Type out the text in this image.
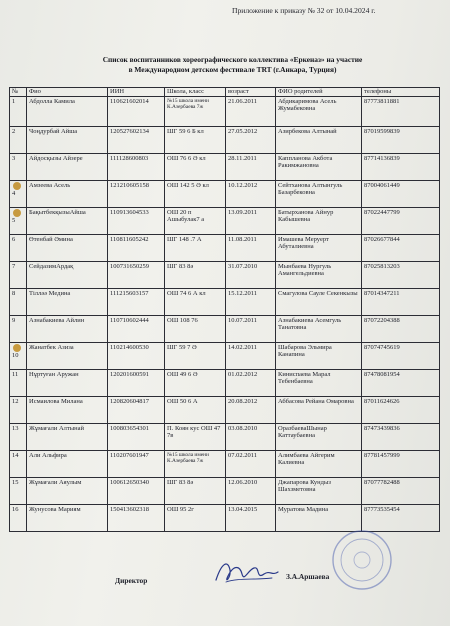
Приложение к приказу № 32 от 10.04.2024 г.
Список воспитанников хореографического коллектива «Еркеназ» на участие
в Международном детском фестивале TRT (г.Анкара, Турция)
№	Фио	ИИН	Школа, класс	возраст	ФИО родителей	телефоны
1	Абдолла Камила	110621602014	№15 школа имени К.Азербаева 7ж	21.06.2011	Абдикаримова Асель Жумабековна	87773811881
2	Чоңдурбай Айша	120527602134	ШГ 59 6 Б кл	27.05.2012	Азирбекова Алтынай	87019599839
3	Айдосқызы Айзере	111128600803	ОШ 76 6 Ә кл	28.11.2011	Каппланова Акбота Ракимжановна	87714136839
4	Амзеева Асель	121210605158	ОШ 142 5 Ә кл	10.12.2012	Сейтханова Алтынгуль Базарбековна	87004061449
5	БақытбекқызыАйша	110913604533	ОШ 20 п Ашыбулак7 а	13.09.2011	Батырханова Айнур Кабышевна	87022447799
6	Өтенбай Әмина	110811605242	ШГ 148 .7 А	11.08.2011	Имашева Меруерт Абуталиевна	87026677844
7	СейдазимАрдақ	100731650259	ШГ 83 8ә	31.07.2010	Мынбаева Нургуль Амангельдиевна	87025813203
8	Тілләә Медина	111215603157	ОШ 74 6 А кл	15.12.2011	Смагулова Сауле Секенкызы	87014347211
9	Азнабакиева Айлин	110710602444	ОШ 108 76	10.07.2011	Азнабакиева Асемгуль Танатовна	87072204388
10	Жанатбек Азиза	110214600530	ШГ 59 7 Ә	14.02.2011	Шабарова Эльмира Канапина	87074745619
11	Нұртуған Аружан	120201600591	ОШ 49 6 Ә	01.02.2012	Киниспаева Марал Тебенбаевна	87478081954
12	Исмаилова Милана	120820604817	ОШ 50 6 А	20.08.2012	Аббасова Рейана Омаровна	87011624626
13	Жұмағали Алтынай	100803654301	П. Коян кус ОШ 47 7в	03.08.2010	ОразбаеваШынар Каттаубаевна	87473439836
14	Али Альфира	110207601947	№15 школа имени К.Азербаева 7ж	07.02.2011	Алимбаева Айгерим Калиевна	87781457999
15	Жұмағали Аяулым	100612650340	ШГ 83 8ә	12.06.2010	Джапарова Кундыз Шахзметовна	87077782488
16	Жунусова Мариям	150413602318	ОШ 95 2г	13.04.2015	Муратова Мадина	87773535454
Директор	З.А.Аршаева
